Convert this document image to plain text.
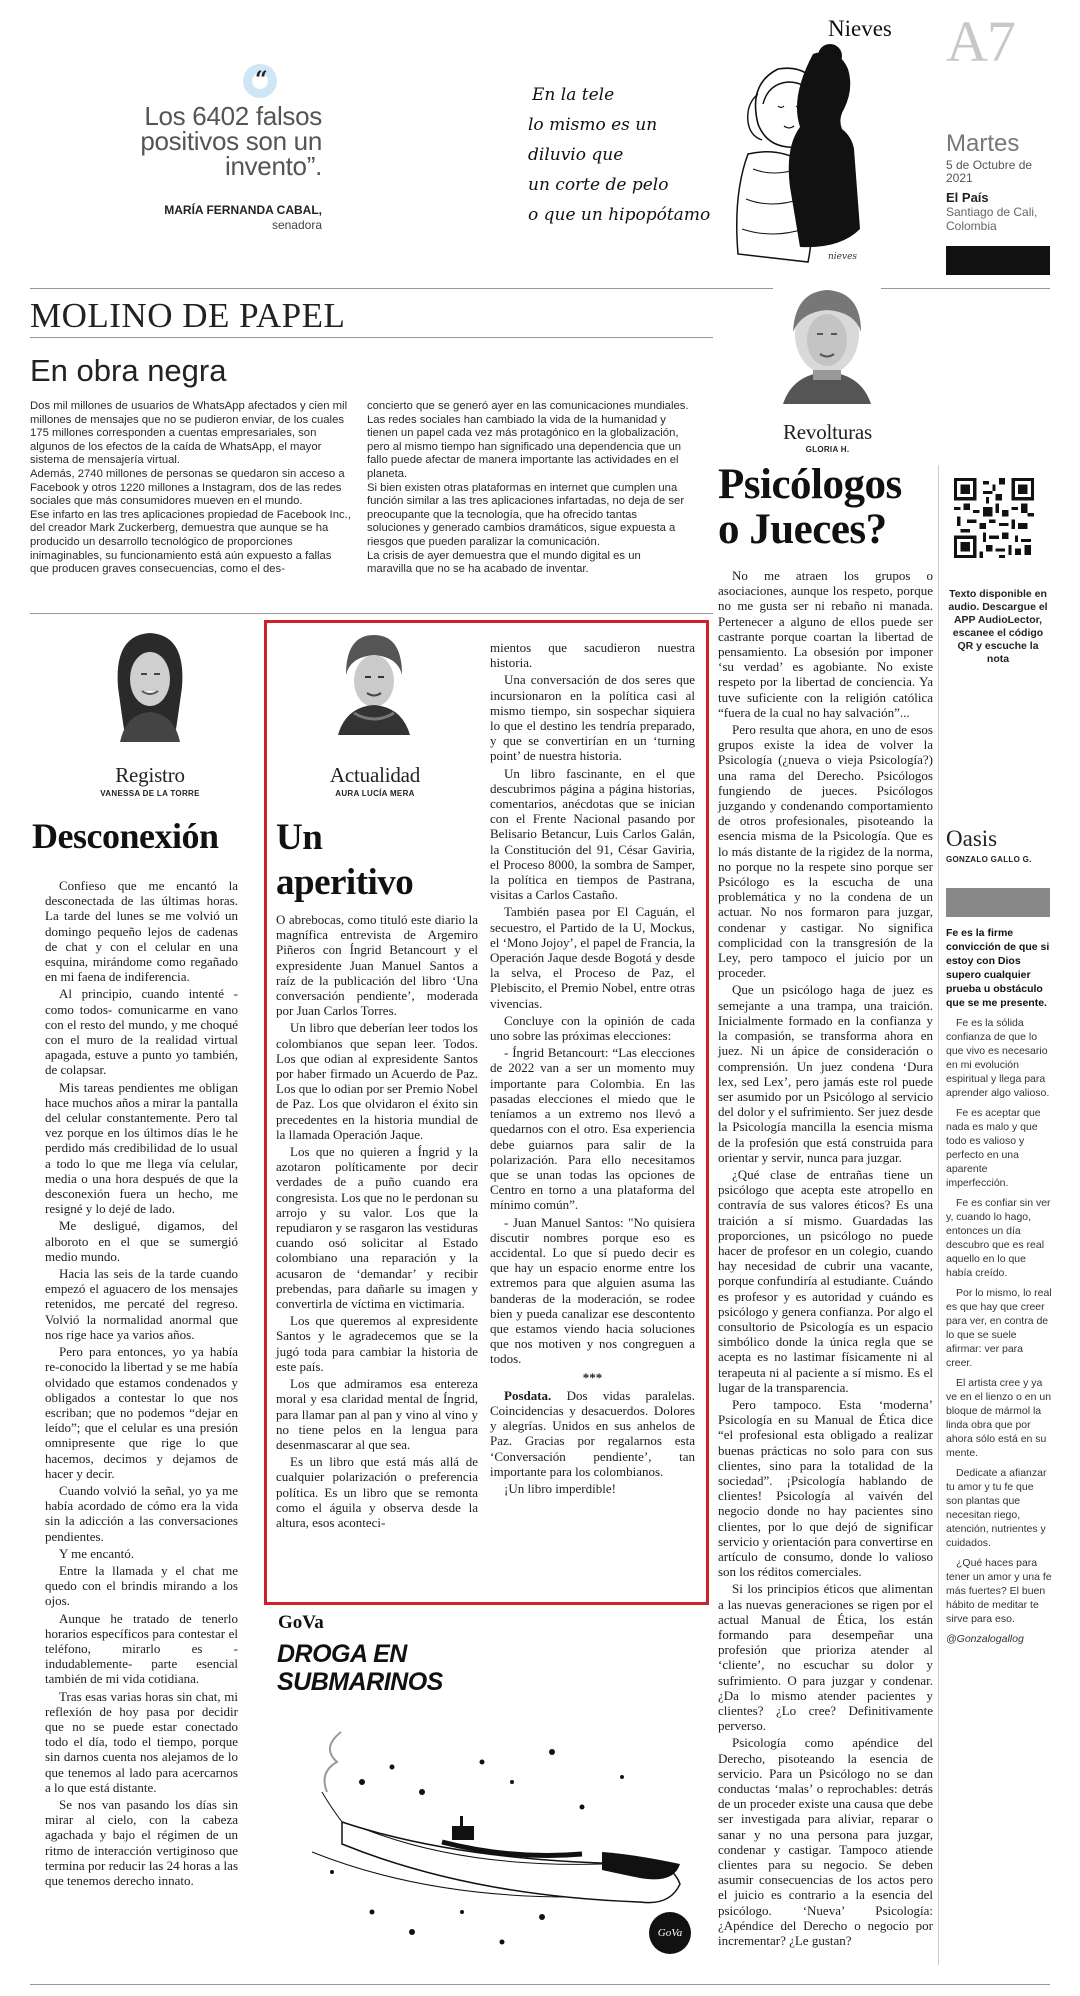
“
Los 6402 falsos positivos son un invento”.
MARÍA FERNANDA CABAL,
senadora
Nieves
En la tele
lo mismo es un
diluvio que
un corte de pelo
o que un hipopótamo
nieves
A7
Martes
5 de Octubre de 2021
El País
Santiago de Cali, Colombia
MOLINO DE PAPEL
En obra negra

Dos mil millones de usuarios de WhatsApp afectados y cien mil millones de mensajes que no se pudieron enviar, de los cuales 175 millones corresponden a cuentas empresariales, son algunos de los efectos de la caída de WhatsApp, el mayor sistema de mensajería virtual.

Además, 2740 millones de personas se quedaron sin acceso a Facebook y otros 1220 millones a Instagram, dos de las redes sociales que más consumidores mueven en el mundo.

Ese infarto en las tres aplicaciones propiedad de Facebook Inc., del creador Mark Zuckerberg, demuestra que aunque se ha producido un desarrollo tecnológico de proporciones inimaginables, su funcionamiento está aún expuesto a fallas que producen graves consecuencias, como el des-

concierto que se generó ayer en las comunicaciones mundiales.

Las redes sociales han cambiado la vida de la humanidad y tienen un papel cada vez más protagónico en la globalización, pero al mismo tiempo han significado una dependencia que un fallo puede afectar de manera importante las actividades en el planeta.

Si bien existen otras plataformas en internet que cumplen una función similar a las tres aplicaciones infartadas, no deja de ser preocupante que la tecnología, que ha ofrecido tantas soluciones y generado cambios dramáticos, sigue expuesta a riesgos que pueden paralizar la comunicación.

La crisis de ayer demuestra que el mundo digital es un maravilla que no se ha acabado de inventar.

Revolturas
GLORIA H.
Psicólogos o Jueces?

No me atraen los grupos o asociaciones, aunque los respeto, porque no me gusta ser ni rebaño ni manada. Pertenecer a alguno de ellos puede ser castrante porque coartan la libertad de pensamiento. La obsesión por imponer ‘su verdad’ es agobiante. No existe respeto por la libertad de conciencia. Ya tuve suficiente con la religión católica “fuera de la cual no hay salvación”...

Pero resulta que ahora, en uno de esos grupos existe la idea de volver la Psicología (¿nueva o vieja Psicología?) una rama del Derecho. Psicólogos fungiendo de jueces. Psicólogos juzgando y condenando comportamiento de otros profesionales, pisoteando la esencia misma de la Psicología. Que es lo más distante de la rigidez de la norma, no porque no la respete sino porque ser Psicólogo es la escucha de una problemática y no la condena de un actuar. No nos formaron para juzgar, condenar y castigar. No significa complicidad con la transgresión de la Ley, pero tampoco el juicio por un proceder.

Que un psicólogo haga de juez es semejante a una trampa, una traición. Inicialmente formado en la confianza y la compasión, se transforma ahora en juez. Ni un ápice de consideración o comprensión. Un juez condena ‘Dura lex, sed Lex’, pero jamás este rol puede ser asumido por un Psicólogo al servicio del dolor y el sufrimiento. Ser juez desde la Psicología mancilla la esencia misma de la profesión que está construida para orientar y servir, nunca para juzgar.

¿Qué clase de entrañas tiene un psicólogo que acepta este atropello en contravía de sus valores éticos? Es una traición a sí mismo. Guardadas las proporciones, un psicólogo no puede hacer de profesor en un colegio, cuando hay necesidad de cubrir una vacante, porque confundiría al estudiante. Cuándo es profesor y es autoridad y cuándo es psicólogo y genera confianza. Por algo el consultorio de Psicología es un espacio simbólico donde la única regla que se acepta es no lastimar físicamente ni al terapeuta ni al paciente a sí mismo. Es el lugar de la transparencia.

Pero tampoco. Esta ‘moderna’ Psicología en su Manual de Ética dice “el profesional esta obligado a realizar buenas prácticas no solo para con sus clientes, sino para la totalidad de la sociedad”. ¡Psicología hablando de clientes! Psicología al vaivén del negocio donde no hay pacientes sino clientes, por lo que dejó de significar servicio y orientación para convertirse en artículo de consumo, donde lo valioso son los réditos comerciales.

Si los principios éticos que alimentan a las nuevas generaciones se rigen por el actual Manual de Ética, los están formando para desempeñar una profesión que prioriza atender al ‘cliente’, no escuchar su dolor y sufrimiento. O para juzgar y condenar. ¿Da lo mismo atender pacientes y clientes? ¿Lo cree? Definitivamente perverso.

Psicología como apéndice del Derecho, pisoteando la esencia de servicio. Para un Psicólogo no se dan conductas ‘malas’ o reprochables: detrás de un proceder existe una causa que debe ser investigada para aliviar, reparar o sanar y no una persona para juzgar, condenar y castigar. Tampoco atiende clientes para su negocio. Se deben asumir consecuencias de los actos pero el juicio es contrario a la esencia del psicólogo. ‘Nueva’ Psicología: ¿Apéndice del Derecho o negocio por incrementar? ¿Le gustan?

Texto disponible en audio. Descargue el APP AudioLector, escanee el código QR y escuche la nota
Oasis
GONZALO GALLO G.

Fe es la firme convicción de que si estoy con Dios supero cualquier prueba u obstáculo que se me presente.

Fe es la sólida confianza de que lo que vivo es necesario en mi evolución espiritual y llega para aprender algo valioso.

Fe es aceptar que nada es malo y que todo es valioso y perfecto en una aparente imperfección.

Fe es confiar sin ver y, cuando lo hago, entonces un día descubro que es real aquello en lo que había creído.

Por lo mismo, lo real es que hay que creer para ver, en contra de lo que se suele afirmar: ver para creer.

El artista cree y ya ve en el lienzo o en un bloque de mármol la linda obra que por ahora sólo está en su mente.

Dedicate a afianzar tu amor y tu fe que son plantas que necesitan riego, atención, nutrientes y cuidados.

¿Qué haces para tener un amor y una fe más fuertes? El buen hábito de meditar te sirve para eso.

@Gonzalogallog

Registro
VANESSA DE LA TORRE
Desconexión

Confieso que me encantó la desconectada de las últimas horas. La tarde del lunes se me volvió un domingo pequeño lejos de cadenas de chat y con el celular en una esquina, mirándome como regañado en mi faena de indiferencia.

Al principio, cuando intenté -como todos- comunicarme en vano con el resto del mundo, y me choqué con el muro de la realidad virtual apagada, estuve a punto yo también, de colapsar.

Mis tareas pendientes me obligan hace muchos años a mirar la pantalla del celular constantemente. Pero tal vez porque en los últimos días le he perdido más credibilidad de lo usual a todo lo que me llega vía celular, media o una hora después de que la desconexión fuera un hecho, me resigné y lo dejé de lado.

Me desligué, digamos, del alboroto en el que se sumergió medio mundo.

Hacia las seis de la tarde cuando empezó el aguacero de los mensajes retenidos, me percaté del regreso. Volvió la normalidad anormal que nos rige hace ya varios años.

Pero para entonces, yo ya había re-conocido la libertad y se me había olvidado que estamos condenados y obligados a contestar lo que nos escriban; que no podemos “dejar en leído”; que el celular es una presión omnipresente que rige lo que hacemos, decimos y dejamos de hacer y decir.

Cuando volvió la señal, yo ya me había acordado de cómo era la vida sin la adicción a las conversaciones pendientes.

Y me encantó.

Entre la llamada y el chat me quedo con el brindis mirando a los ojos.

Aunque he tratado de tenerlo horarios específicos para contestar el teléfono, mirarlo es -indudablemente- parte esencial también de mi vida cotidiana.

Tras esas varias horas sin chat, mi reflexión de hoy pasa por decidir que no se puede estar conectado todo el día, todo el tiempo, porque sin darnos cuenta nos alejamos de lo que tenemos al lado para acercarnos a lo que está distante.

Se nos van pasando los días sin mirar al cielo, con la cabeza agachada y bajo el régimen de un ritmo de interacción vertiginoso que termina por reducir las 24 horas a las que tenemos derecho innato.

Actualidad
AURA LUCÍA MERA
Un aperitivo

O abrebocas, como tituló este diario la magnífica entrevista de Argemiro Piñeros con Íngrid Betancourt y el expresidente Juan Manuel Santos a raíz de la publicación del libro ‘Una conversación pendiente’, moderada por Juan Carlos Torres.

Un libro que deberían leer todos los colombianos que sepan leer. Todos. Los que odian al expresidente Santos por haber firmado un Acuerdo de Paz. Los que lo odian por ser Premio Nobel de Paz. Los que olvidaron el éxito sin precedentes en la historia mundial de la llamada Operación Jaque.

Los que no quieren a Íngrid y la azotaron políticamente por decir verdades de a puño cuando era congresista. Los que no le perdonan su arrojo y su valor. Los que la repudiaron y se rasgaron las vestiduras cuando osó solicitar al Estado colombiano una reparación y la acusaron de ‘demandar’ y recibir prebendas, para dañarle su imagen y convertirla de víctima en victimaria.

Los que queremos al expresidente Santos y le agradecemos que se la jugó toda para cambiar la historia de este país.

Los que admiramos esa entereza moral y esa claridad mental de Íngrid, para llamar pan al pan y vino al vino y no tiene pelos en la lengua para desenmascarar al que sea.

Es un libro que está más allá de cualquier polarización o preferencia política. Es un libro que se remonta como el águila y observa desde la altura, esos aconteci-

mientos que sacudieron nuestra historia.

Una conversación de dos seres que incursionaron en la política casi al mismo tiempo, sin sospechar siquiera lo que el destino les tendría preparado, y que se convertirían en un ‘turning point’ de nuestra historia.

Un libro fascinante, en el que descubrimos página a página historias, comentarios, anécdotas que se inician con el Frente Nacional pasando por Belisario Betancur, Luis Carlos Galán, la Constitución del 91, César Gaviria, el Proceso 8000, la sombra de Samper, la política en tiempos de Pastrana, visitas a Carlos Castaño.

También pasea por El Caguán, el secuestro, el Partido de la U, Mockus, el ‘Mono Jojoy’, el papel de Francia, la Operación Jaque desde Bogotá y desde la selva, el Proceso de Paz, el Plebiscito, el Premio Nobel, entre otras vivencias.

Concluye con la opinión de cada uno sobre las próximas elecciones:

- Íngrid Betancourt: “Las elecciones de 2022 van a ser un momento muy importante para Colombia. En las pasadas elecciones el miedo que le teníamos a un extremo nos llevó a quedarnos con el otro. Esa experiencia debe guiarnos para salir de la polarización. Para ello necesitamos que se unan todas las opciones de Centro en torno a una plataforma del mínimo común”.

- Juan Manuel Santos: "No quisiera discutir nombres porque eso es accidental. Lo que sí puedo decir es que hay un espacio enorme entre los extremos para que alguien asuma las banderas de la moderación, se rodee bien y pueda canalizar ese descontento que estamos viendo hacia soluciones que nos motiven y nos congreguen a todos.

***

Posdata. Dos vidas paralelas. Coincidencias y desacuerdos. Dolores y alegrías. Unidos en sus anhelos de Paz. Gracias por regalarnos esta ‘Conversación pendiente’, tan importante para los colombianos.

¡Un libro imperdible!

GoVa
DROGA EN
SUBMARINOS
GoVa
